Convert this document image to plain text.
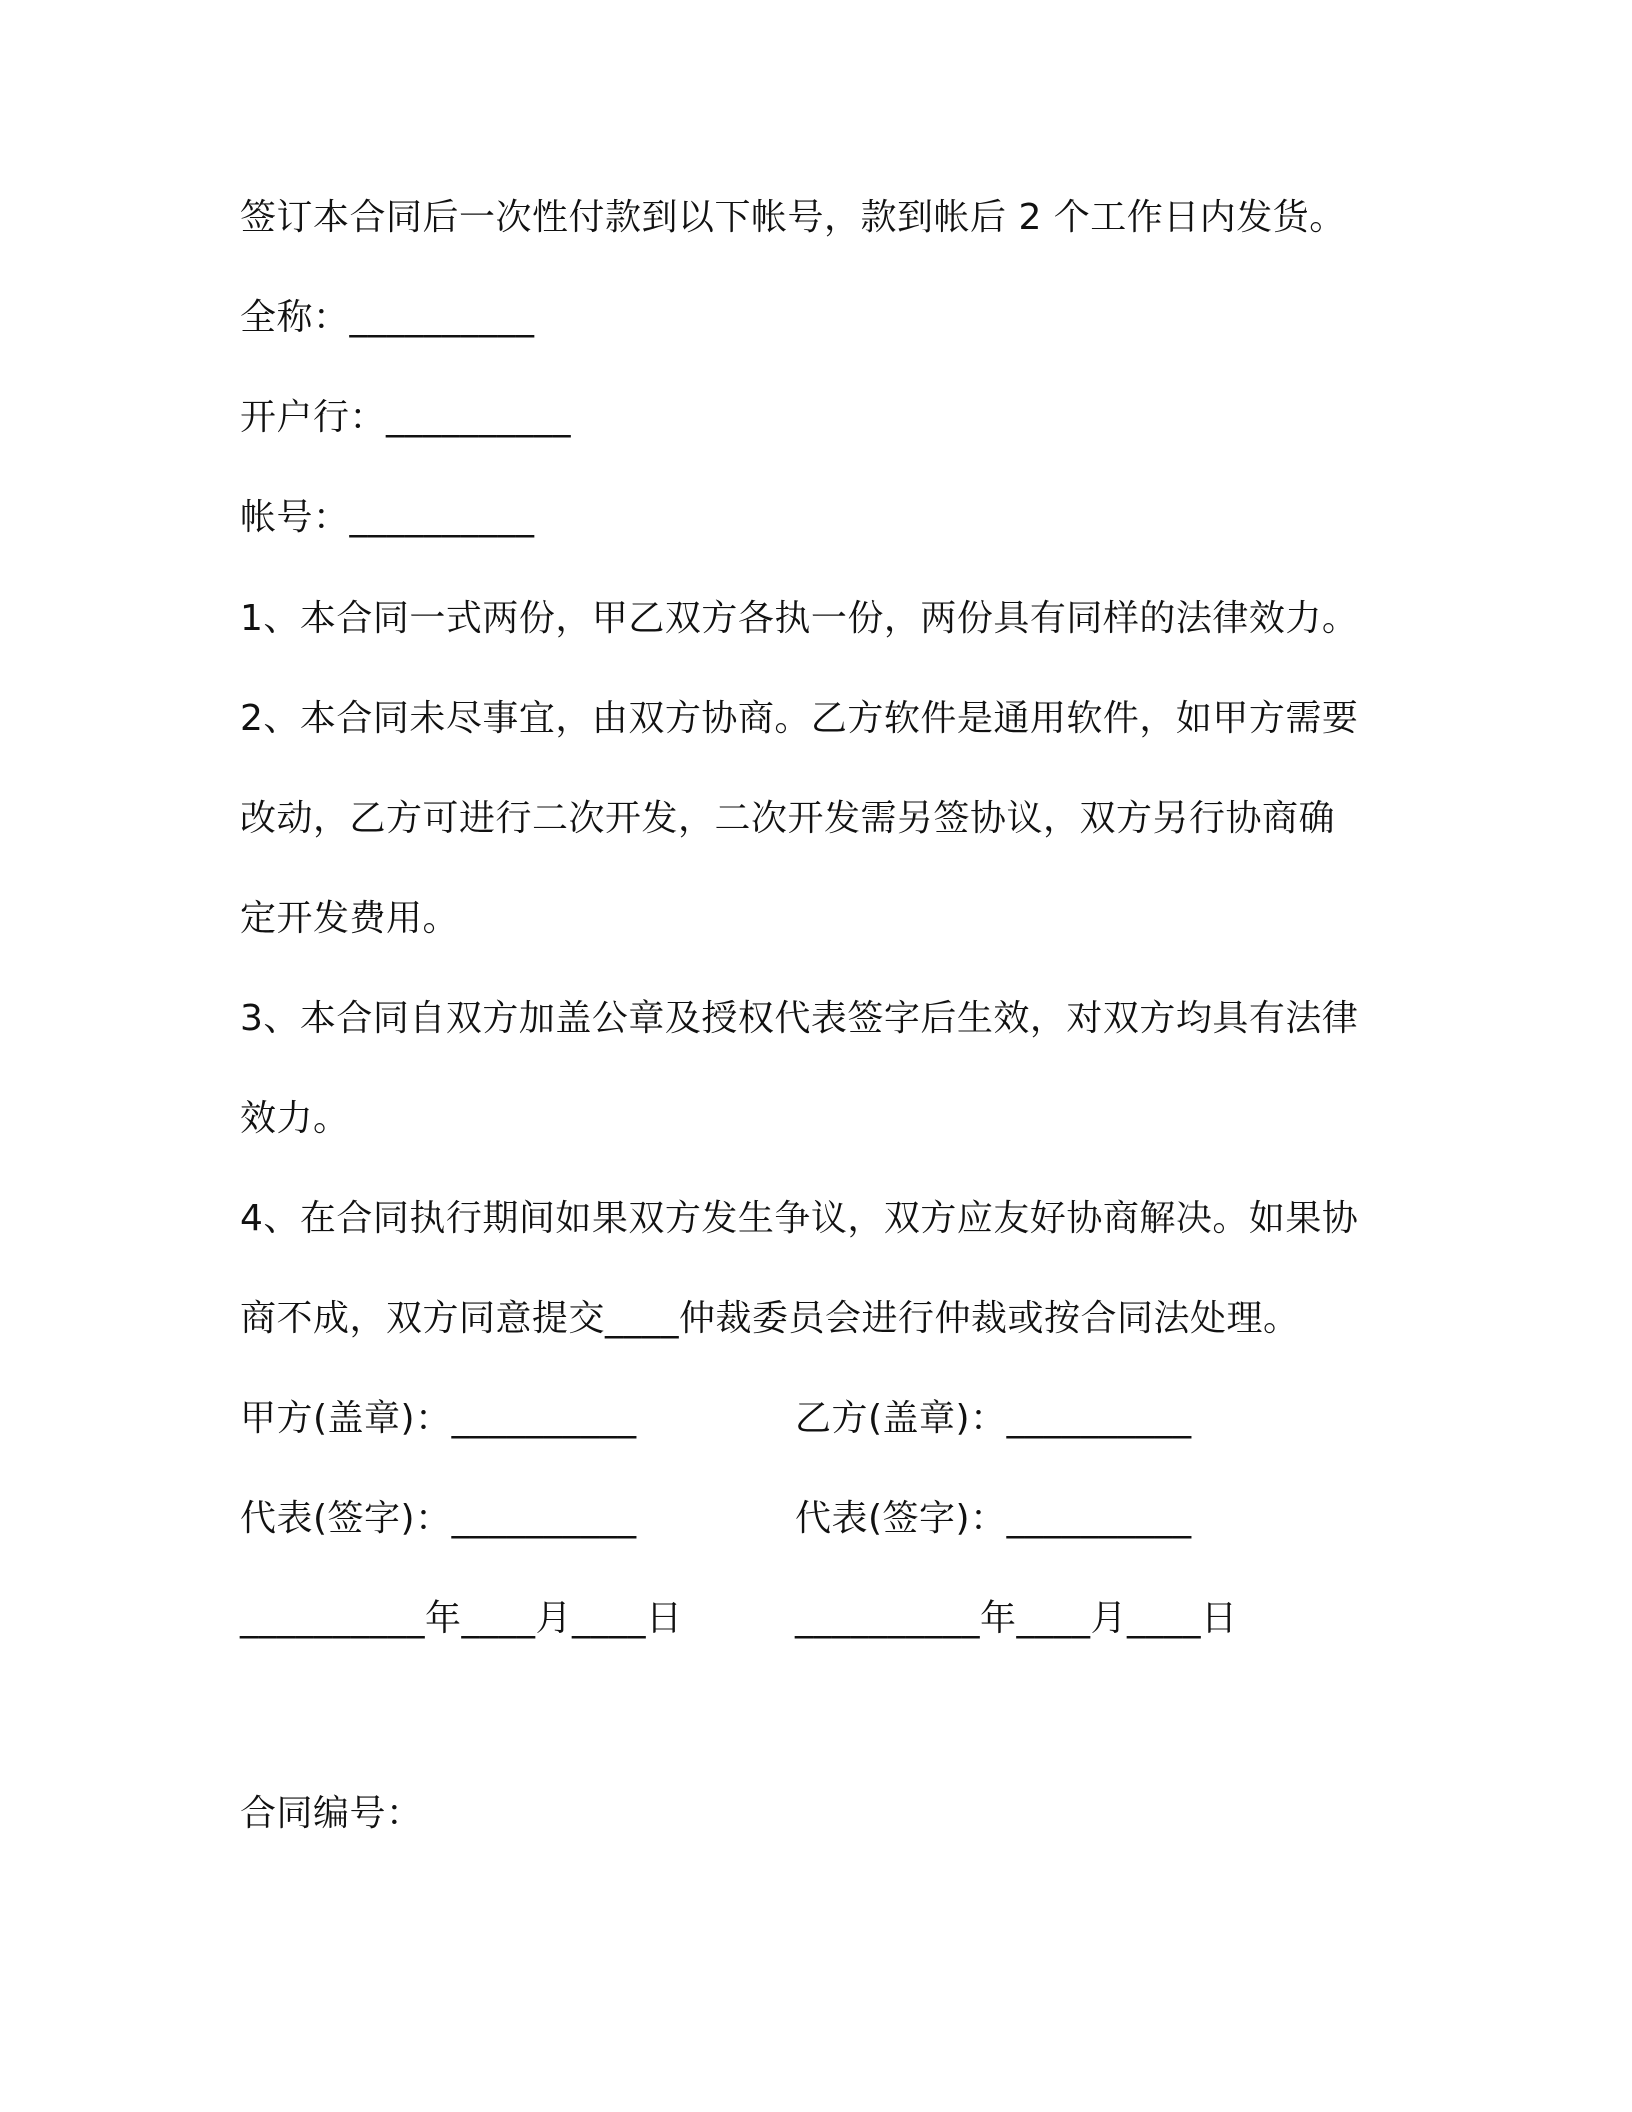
签订本合同后一次性付款到以下帐号，款到帐后 2 个工作日内发货。
全称：__________
开户行：__________
帐号：__________
1、本合同一式两份，甲乙双方各执一份，两份具有同样的法律效力。
2、本合同未尽事宜，由双方协商。乙方软件是通用软件，如甲方需要
改动，乙方可进行二次开发，二次开发需另签协议，双方另行协商确
定开发费用。
3、本合同自双方加盖公章及授权代表签字后生效，对双方均具有法律
效力。
4、在合同执行期间如果双方发生争议，双方应友好协商解决。如果协
商不成，双方同意提交____仲裁委员会进行仲裁或按合同法处理。
甲方(盖章)：__________	乙方(盖章)：__________
代表(签字)：__________	代表(签字)：__________
__________年____月____日	__________年____月____日
合同编号：
